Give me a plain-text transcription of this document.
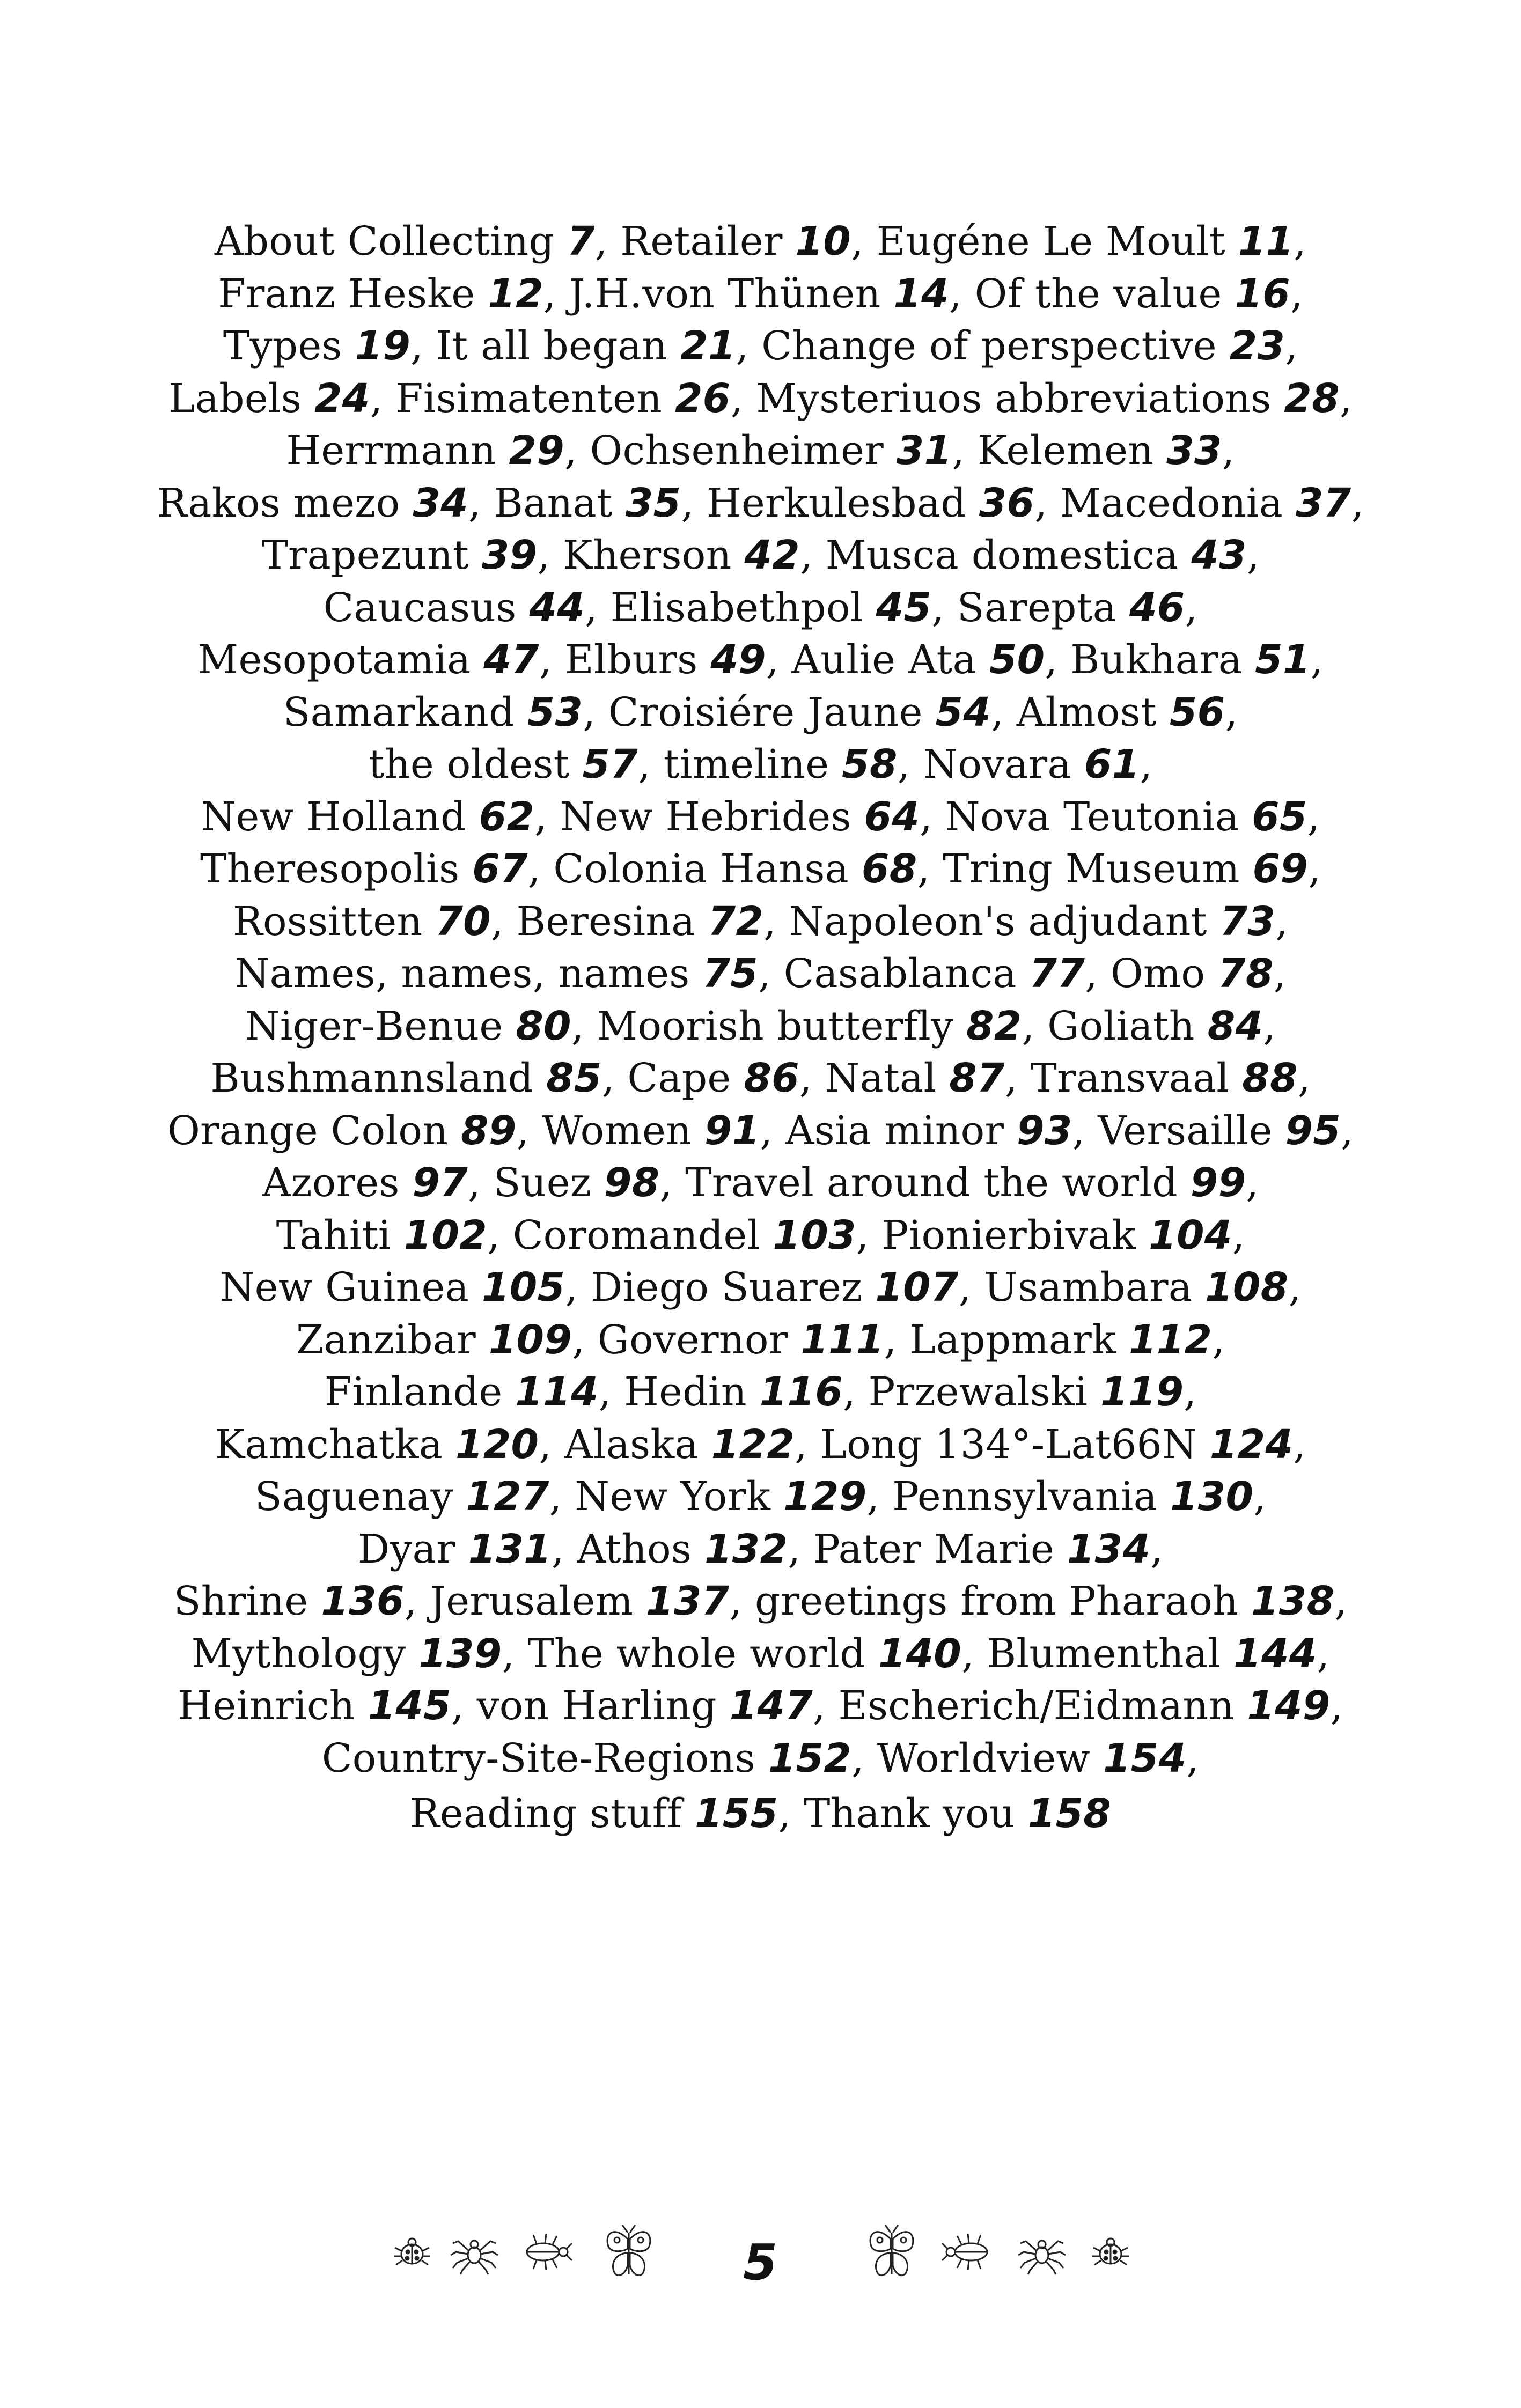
About Collecting 7, Retailer 10, Eugéne Le Moult 11,
Franz Heske 12, J.H.von Thünen 14, Of the value 16,
Types 19, It all began 21, Change of perspective 23,
Labels 24, Fisimatenten 26, Mysteriuos abbreviations 28,
Herrmann 29, Ochsenheimer 31, Kelemen 33,
Rakos mezo 34, Banat 35, Herkulesbad 36, Macedonia 37,
Trapezunt 39, Kherson 42, Musca domestica 43,
Caucasus 44, Elisabethpol 45, Sarepta 46,
Mesopotamia 47, Elburs 49, Aulie Ata 50, Bukhara 51,
Samarkand 53, Croisiére Jaune 54, Almost 56,
the oldest 57, timeline 58, Novara 61,
New Holland 62, New Hebrides 64, Nova Teutonia 65,
Theresopolis 67, Colonia Hansa 68, Tring Museum 69,
Rossitten 70, Beresina 72, Napoleon's adjudant 73,
Names, names, names 75, Casablanca 77, Omo 78,
Niger-Benue 80, Moorish butterfly 82, Goliath 84,
Bushmannsland 85, Cape 86, Natal 87, Transvaal 88,
Orange Colon 89, Women 91, Asia minor 93, Versaille 95,
Azores 97, Suez 98, Travel around the world 99,
Tahiti 102, Coromandel 103, Pionierbivak 104,
New Guinea 105, Diego Suarez 107, Usambara 108,
Zanzibar 109, Governor 111, Lappmark 112,
Finlande 114, Hedin 116, Przewalski 119,
Kamchatka 120, Alaska 122, Long 134°-Lat66N 124,
Saguenay 127, New York 129, Pennsylvania 130,
Dyar 131, Athos 132, Pater Marie 134,
Shrine 136, Jerusalem 137, greetings from Pharaoh 138,
Mythology 139, The whole world 140, Blumenthal 144,
Heinrich 145, von Harling 147, Escherich/Eidmann 149,
Country-Site-Regions 152, Worldview 154,
Reading stuff 155, Thank you 158
5
